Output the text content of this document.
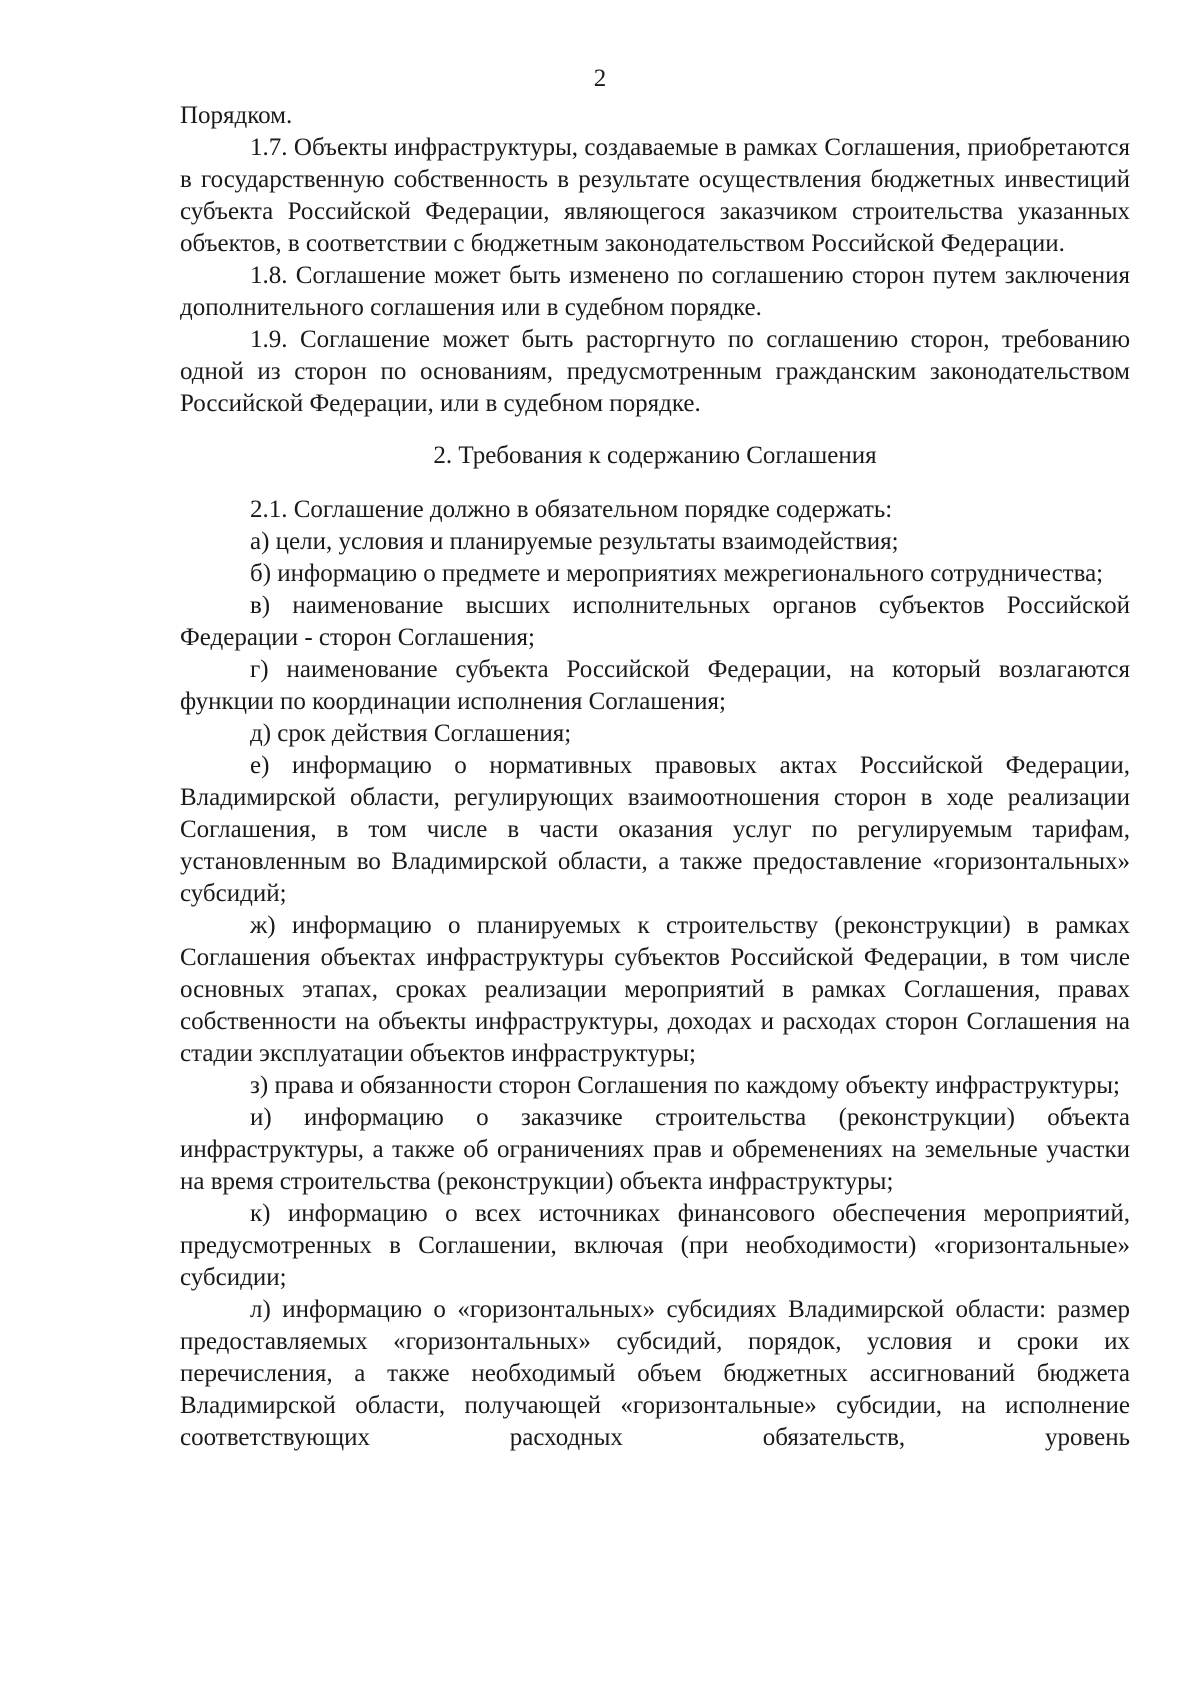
2

Порядком.

1.7. Объекты инфраструктуры, создаваемые в рамках Соглашения, приобретаются в государственную собственность в результате осуществления бюджетных инвестиций субъекта Российской Федерации, являющегося заказчиком строительства указанных объектов, в соответствии с бюджетным законодательством Российской Федерации.

1.8. Соглашение может быть изменено по соглашению сторон путем заключения дополнительного соглашения или в судебном порядке.

1.9. Соглашение может быть расторгнуто по соглашению сторон, требованию одной из сторон по основаниям, предусмотренным гражданским законодательством Российской Федерации, или в судебном порядке.

2. Требования к содержанию Соглашения

2.1. Соглашение должно в обязательном порядке содержать:

а) цели, условия и планируемые результаты взаимодействия;

б) информацию о предмете и мероприятиях межрегионального сотрудничества;

в) наименование высших исполнительных органов субъектов Российской Федерации - сторон Соглашения;

г) наименование субъекта Российской Федерации, на который возлагаются функции по координации исполнения Соглашения;

д) срок действия Соглашения;

е) информацию о нормативных правовых актах Российской Федерации, Владимирской области, регулирующих взаимоотношения сторон в ходе реализации Соглашения, в том числе в части оказания услуг по регулируемым тарифам, установленным во Владимирской области, а также предоставление «горизонтальных» субсидий;

ж) информацию о планируемых к строительству (реконструкции) в рамках Соглашения объектах инфраструктуры субъектов Российской Федерации, в том числе основных этапах, сроках реализации мероприятий в рамках Соглашения, правах собственности на объекты инфраструктуры, доходах и расходах сторон Соглашения на стадии эксплуатации объектов инфраструктуры;

з) права и обязанности сторон Соглашения по каждому объекту инфраструктуры;

и) информацию о заказчике строительства (реконструкции) объекта инфраструктуры, а также об ограничениях прав и обременениях на земельные участки на время строительства (реконструкции) объекта инфраструктуры;

к) информацию о всех источниках финансового обеспечения мероприятий, предусмотренных в Соглашении, включая (при необходимости) «горизонтальные» субсидии;

л) информацию о «горизонтальных» субсидиях Владимирской области: размер предоставляемых «горизонтальных» субсидий, порядок, условия и сроки их перечисления, а также необходимый объем бюджетных ассигнований бюджета Владимирской области, получающей «горизонтальные» субсидии, на исполнение соответствующих расходных обязательств, уровень
